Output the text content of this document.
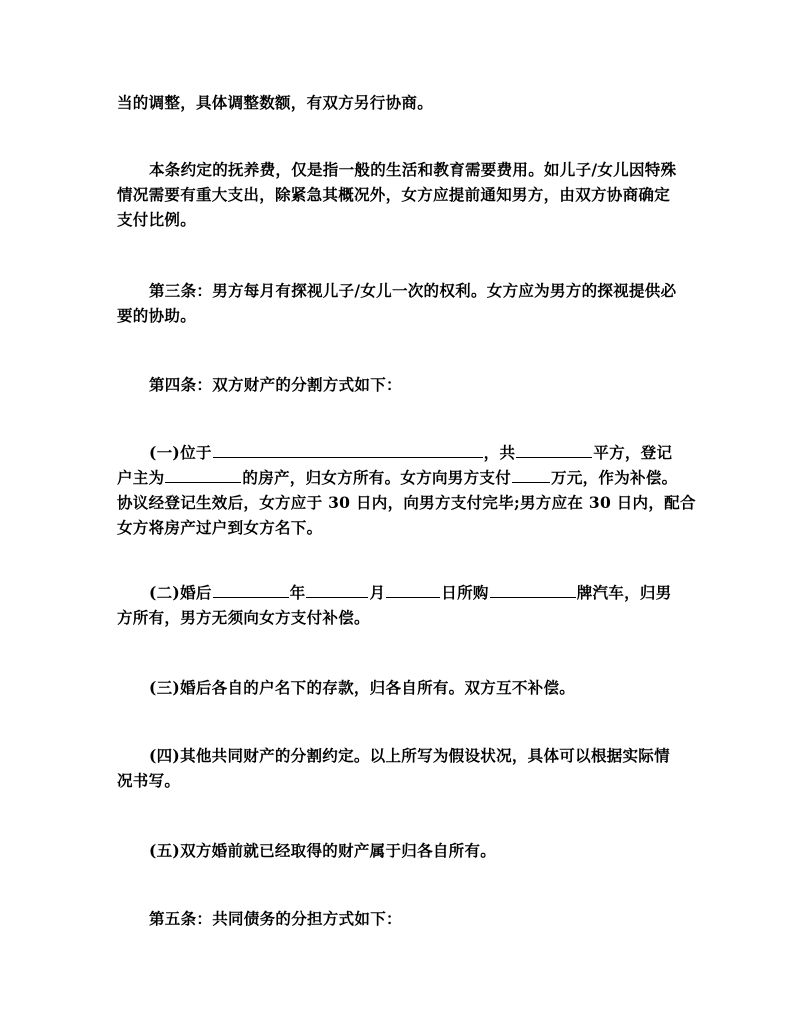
当的调整，具体调整数额，有双方另行协商。
本条约定的抚养费，仅是指一般的生活和教育需要费用。如儿子/女儿因特殊
情况需要有重大支出，除紧急其概况外，女方应提前通知男方，由双方协商确定
支付比例。
第三条：男方每月有探视儿子/女儿一次的权利。女方应为男方的探视提供必
要的协助。
第四条：双方财产的分割方式如下：
(一)位于	，共	平方，登记
户主为	的房产，归女方所有。女方向男方支付	万元，作为补偿。
协议经登记生效后，女方应于 30 日内，向男方支付完毕;男方应在 30 日内，配合
女方将房产过户到女方名下。
(二)婚后	年	月	日所购	牌汽车，归男
方所有，男方无须向女方支付补偿。
(三)婚后各自的户名下的存款，归各自所有。双方互不补偿。
(四)其他共同财产的分割约定。以上所写为假设状况，具体可以根据实际情
况书写。
(五)双方婚前就已经取得的财产属于归各自所有。
第五条：共同债务的分担方式如下：
